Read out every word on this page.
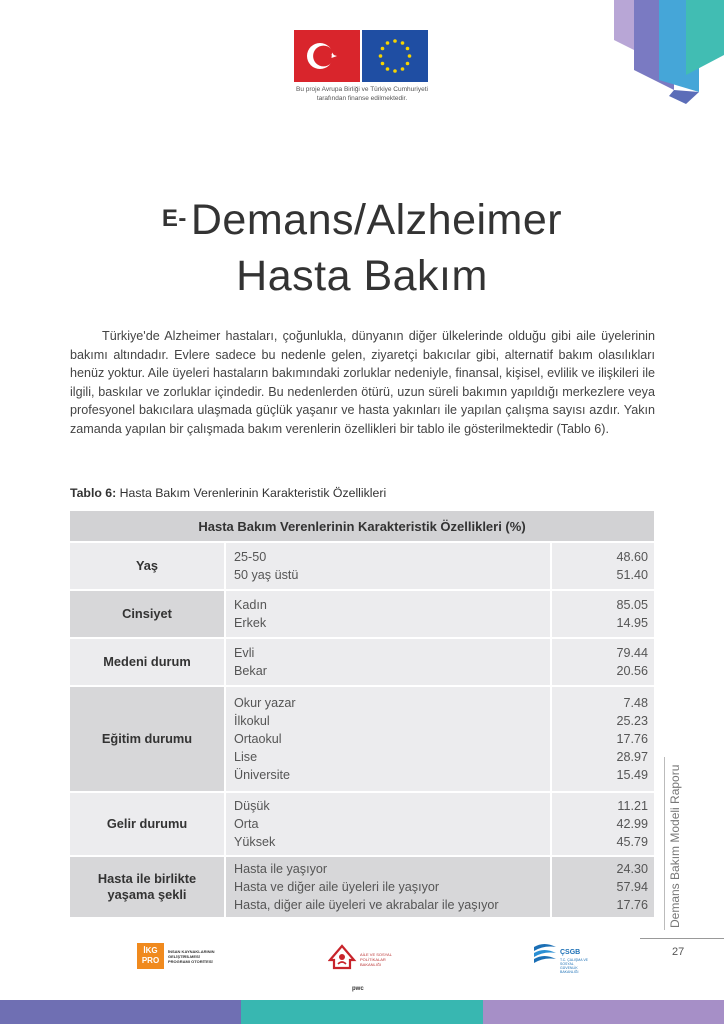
Bu proje Avrupa Birliği ve Türkiye Cumhuriyeti
tarafından finanse edilmektedir.
E-Demans/Alzheimer
Hasta Bakım
Türkiye'de Alzheimer hastaları, çoğunlukla, dünyanın diğer ülkelerinde olduğu gibi aile üyelerinin bakımı altındadır. Evlere sadece bu nedenle gelen, ziyaretçi bakıcılar gibi, alternatif bakım olasılıkları henüz yoktur. Aile üyeleri hastaların bakımındaki zorluklar nedeniyle, finansal, kişisel, evlilik ve ilişkileri ile ilgili, baskılar ve zorluklar içindedir. Bu nedenlerden ötürü, uzun süreli bakımın yapıldığı merkezlere veya profesyonel bakıcılara ulaşmada güçlük yaşanır ve hasta yakınları ile yapılan çalışma sayısı azdır. Yakın zamanda yapılan bir çalışmada bakım verenlerin özellikleri bir tablo ile gösterilmektedir (Tablo 6).
Tablo 6: Hasta Bakım Verenlerinin Karakteristik Özellikleri
Hasta Bakım Verenlerinin Karakteristik Özellikleri (%)
Yaş
25-50
50 yaş üstü
48.60
51.40
Cinsiyet
Kadın
Erkek
85.05
14.95
Medeni durum
Evli
Bekar
79.44
20.56
Eğitim durumu
Okur yazar
İlkokul
Ortaokul
Lise
Üniversite
7.48
25.23
17.76
28.97
15.49
Gelir durumu
Düşük
Orta
Yüksek
11.21
42.99
45.79
Hasta ile birlikte yaşama şekli
Hasta ile yaşıyor
Hasta ve diğer aile üyeleri ile yaşıyor
Hasta, diğer aile üyeleri ve akrabalar ile yaşıyor
24.30
57.94
17.76 Demans Bakım Modeli Raporu
27
İKG PRO
İNSAN KAYNAKLARININ GELİŞTİRİLMESİ PROGRAMI OTORİTESİ
AİLE VE SOSYAL POLİTİKALAR BAKANLIĞI
pwc
ÇSGB
T.C. ÇALIŞMA VE SOSYAL GÜVENLİK BAKANLIĞI
